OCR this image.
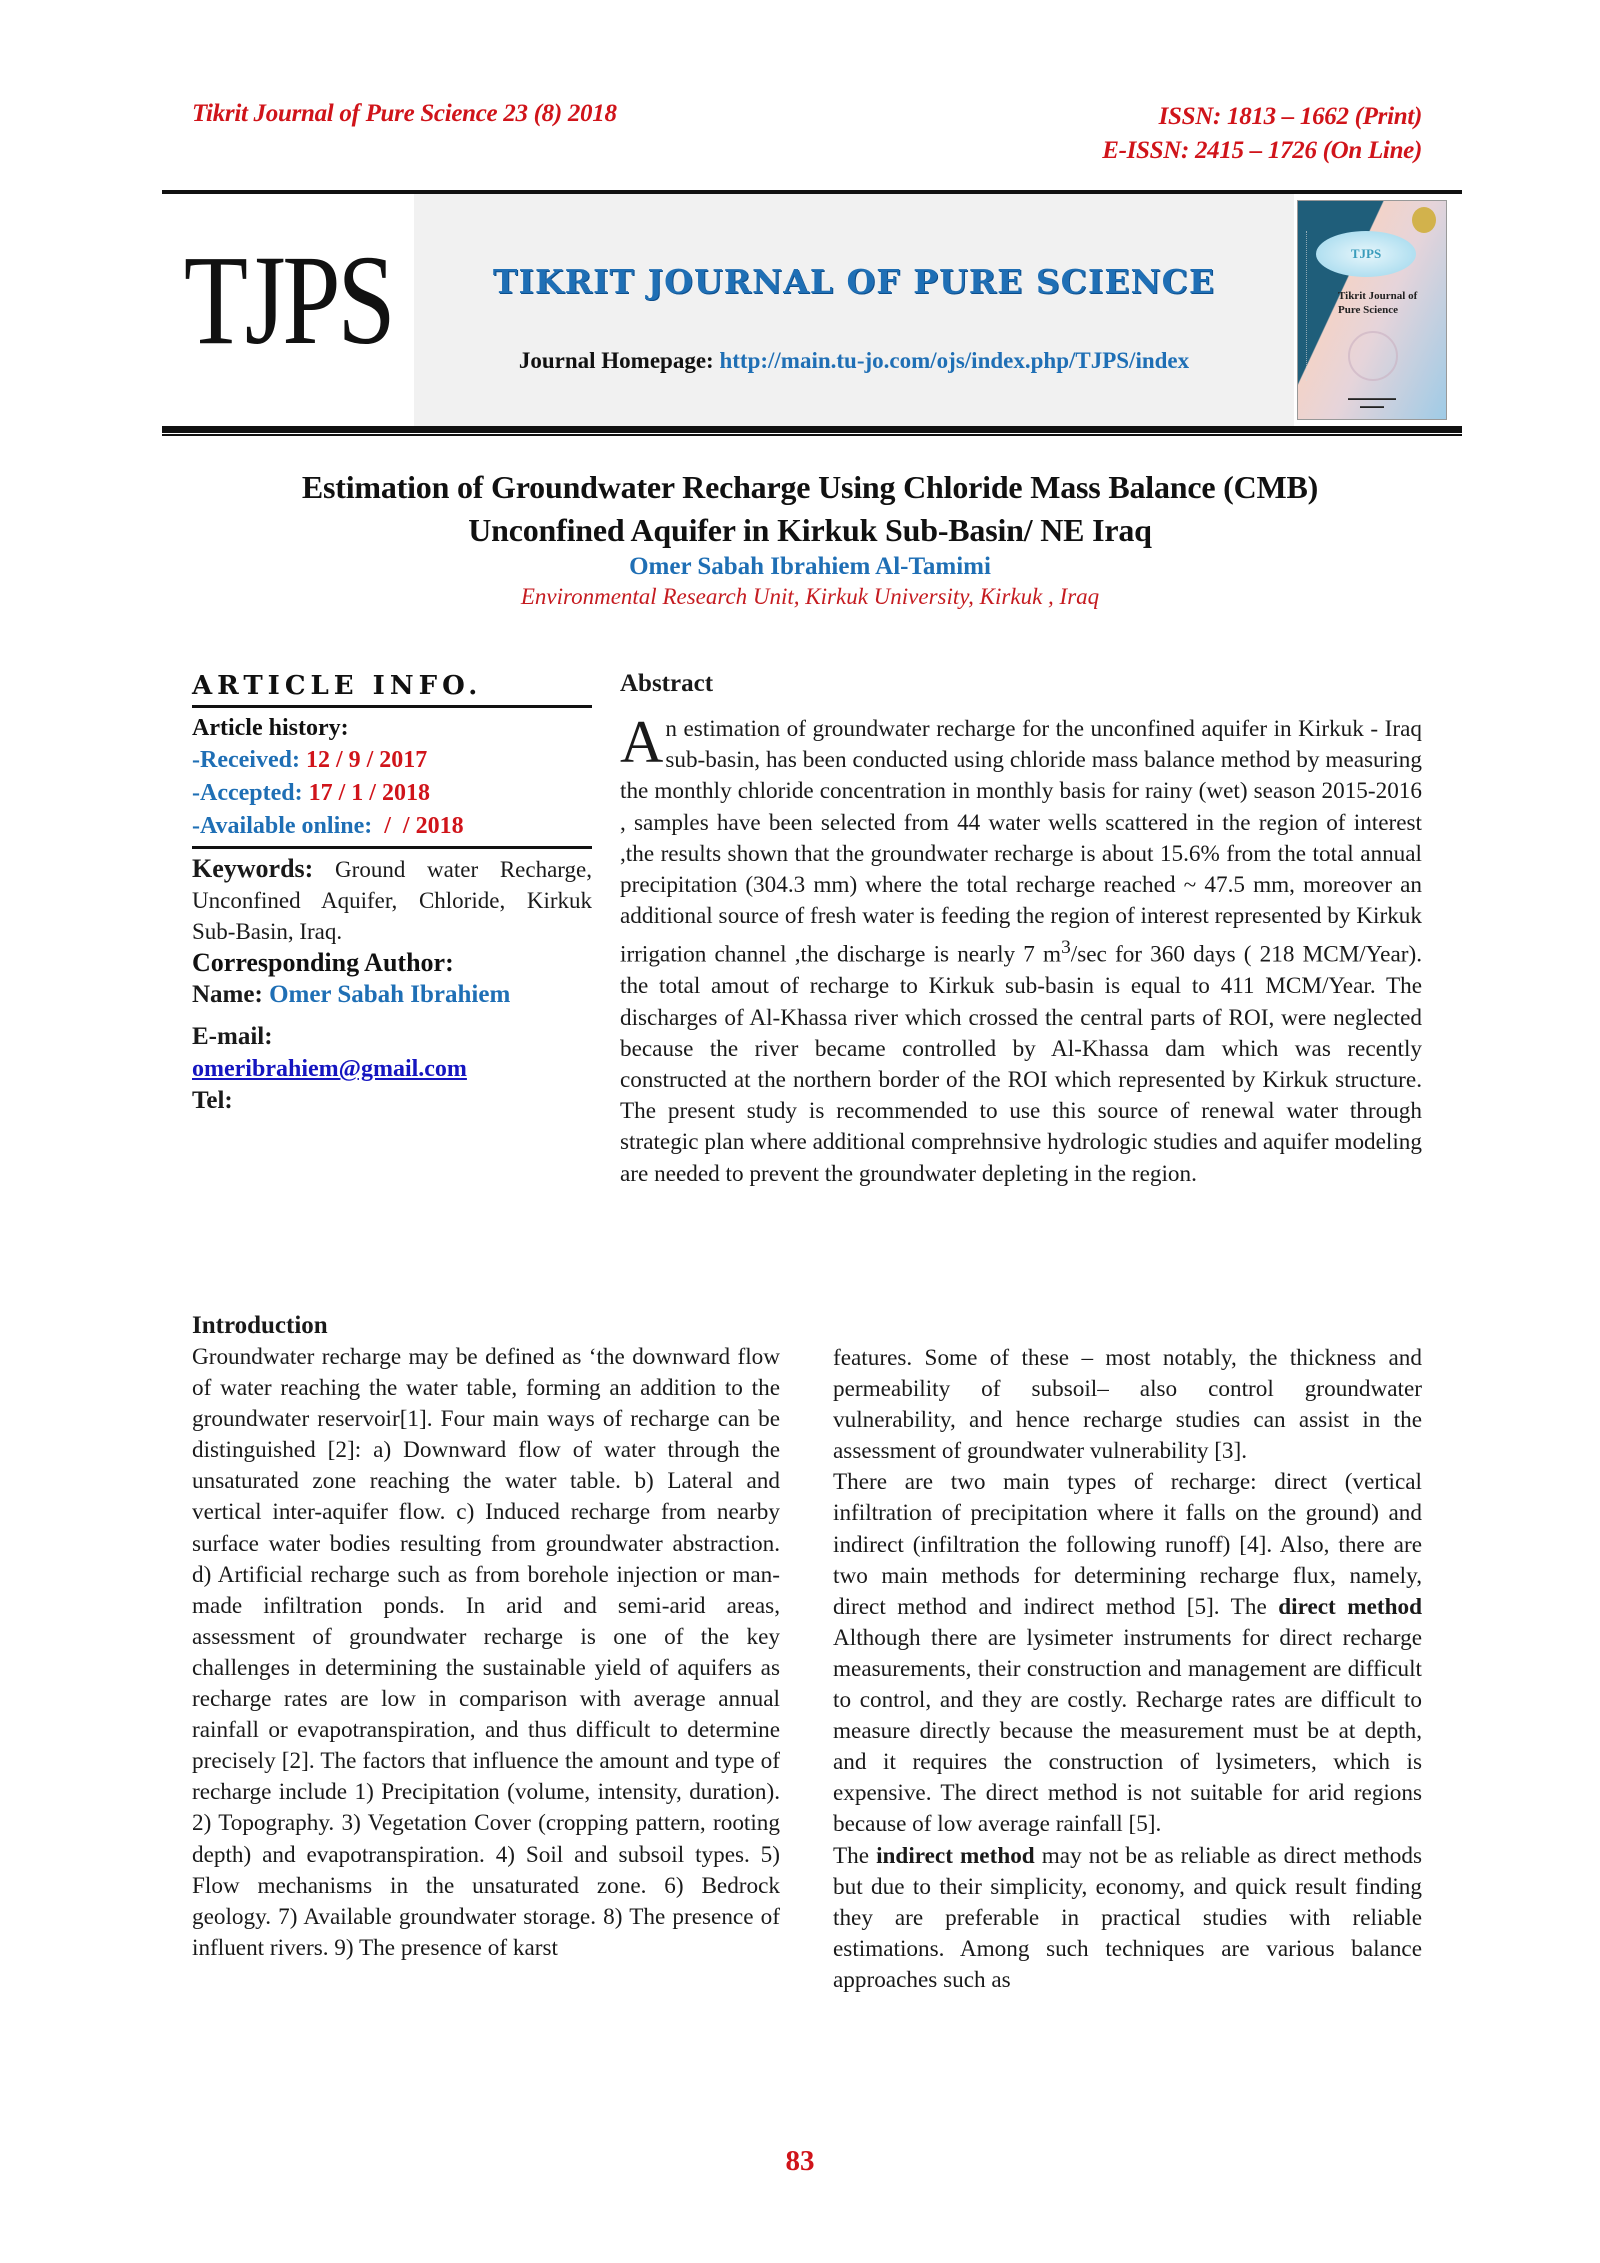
Tikrit Journal of Pure Science 23 (8) 2018	ISSN: 1813 – 1662 (Print)
E-ISSN: 2415 – 1726 (On Line)
TJPS	TIKRIT JOURNAL OF PURE SCIENCE
Journal Homepage: http://main.tu-jo.com/ojs/index.php/TJPS/index
TJPS
Tikrit Journal of
Pure Science
▬▬▬▬▬▬▬▬
▬▬▬▬
Estimation of Groundwater Recharge Using Chloride Mass Balance (CMB)
Unconfined Aquifer in Kirkuk Sub-Basin/ NE Iraq
Omer Sabah Ibrahiem Al-Tamimi
Environmental Research Unit, Kirkuk University, Kirkuk , Iraq
ARTICLE INFO.
Article history:
-Received: 12 / 9 / 2017
-Accepted: 17 / 1 / 2018
-Available online:  /  / 2018
Keywords: Ground water Recharge, Unconfined Aquifer, Chloride, Kirkuk Sub-Basin, Iraq.
Corresponding Author:
Name: Omer Sabah Ibrahiem
E-mail:
omeribrahiem@gmail.com
Tel:
Abstract
An estimation of groundwater recharge for the unconfined aquifer in Kirkuk - Iraq sub-basin, has been conducted using chloride mass balance method by measuring the monthly chloride concentration in monthly basis for rainy (wet) season 2015-2016 , samples have been selected from 44 water wells scattered in the region of interest ,the results shown that the groundwater recharge is about 15.6% from the total annual precipitation (304.3 mm) where the total recharge reached ~ 47.5 mm, moreover an additional source of fresh water is feeding the region of interest represented by Kirkuk irrigation channel ,the discharge is nearly 7 $m^3/\sec$ for 360 days ( 218 MCM/Year). the total amout of recharge to Kirkuk sub-basin is equal to 411 MCM/Year. The discharges of Al-Khassa river which crossed the central parts of ROI, were neglected because the river became controlled by Al-Khassa dam which was recently constructed at the northern border of the ROI which represented by Kirkuk structure. The present study is recommended to use this source of renewal water through strategic plan where additional comprehnsive hydrologic studies and aquifer modeling are needed to prevent the groundwater depleting in the region.
Introduction
Groundwater recharge may be defined as ‘the downward flow of water reaching the water table, forming an addition to the groundwater reservoir[1]. Four main ways of recharge can be distinguished [2]: a) Downward flow of water through the unsaturated zone reaching the water table. b) Lateral and vertical inter-aquifer flow. c) Induced recharge from nearby surface water bodies resulting from groundwater abstraction. d) Artificial recharge such as from borehole injection or man-made infiltration ponds. In arid and semi-arid areas, assessment of groundwater recharge is one of the key challenges in determining the sustainable yield of aquifers as recharge rates are low in comparison with average annual rainfall or evapotranspiration, and thus difficult to determine precisely [2]. The factors that influence the amount and type of recharge include 1) Precipitation (volume, intensity, duration). 2) Topography. 3) Vegetation Cover (cropping pattern, rooting depth) and evapotranspiration. 4) Soil and subsoil types. 5) Flow mechanisms in the unsaturated zone. 6) Bedrock geology. 7) Available groundwater storage. 8) The presence of influent rivers. 9) The presence of karst
features. Some of these – most notably, the thickness and permeability of subsoil– also control groundwater vulnerability, and hence recharge studies can assist in the assessment of groundwater vulnerability [3].
There are two main types of recharge: direct (vertical infiltration of precipitation where it falls on the ground) and indirect (infiltration the following runoff) [4]. Also, there are two main methods for determining recharge flux, namely, direct method and indirect method [5]. The direct method Although there are lysimeter instruments for direct recharge measurements, their construction and management are difficult to control, and they are costly. Recharge rates are difficult to measure directly because the measurement must be at depth, and it requires the construction of lysimeters, which is expensive. The direct method is not suitable for arid regions because of low average rainfall [5].
The indirect method may not be as reliable as direct methods but due to their simplicity, economy, and quick result finding they are preferable in practical studies with reliable estimations. Among such techniques are various balance approaches such as
83
